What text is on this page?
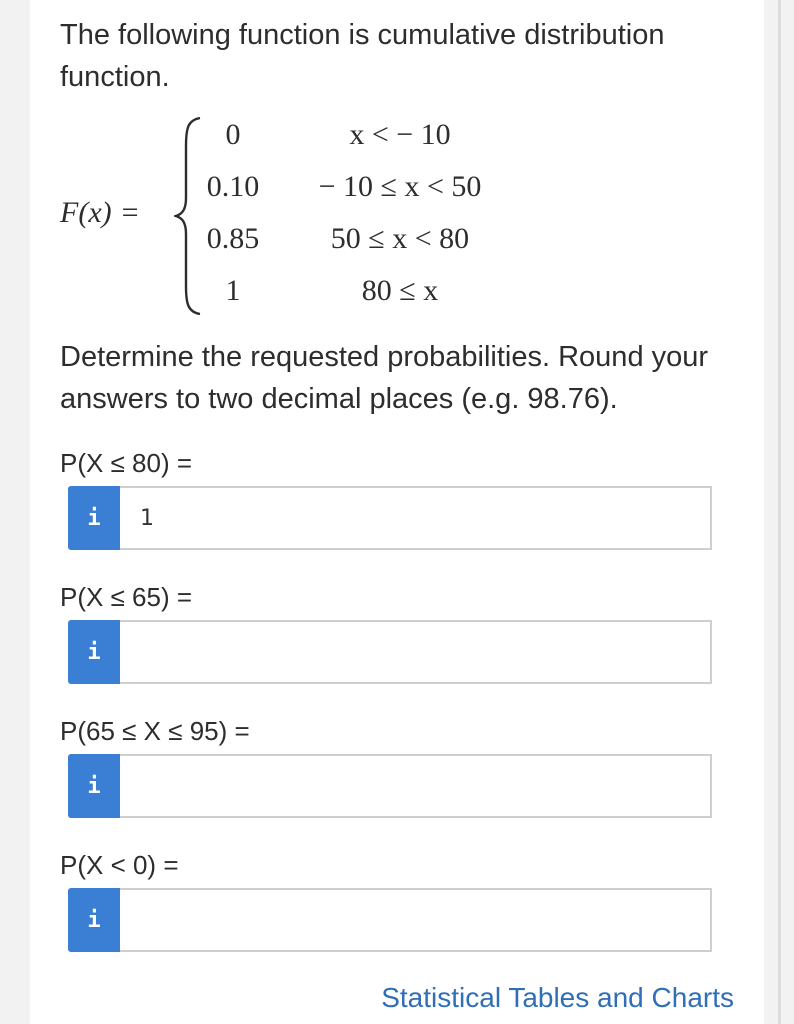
The following function is cumulative distribution function.

F(x) =
0	x < − 10
0.10	− 10 ≤ x < 50
0.85	50 ≤ x < 80
1	80 ≤ x

Determine the requested probabilities. Round your answers to two decimal places (e.g. 98.76).

P(X ≤ 80) =
i
1
P(X ≤ 65) =
i
P(65 ≤ X ≤ 95) =
i
P(X < 0) =
i
Statistical Tables and Charts
